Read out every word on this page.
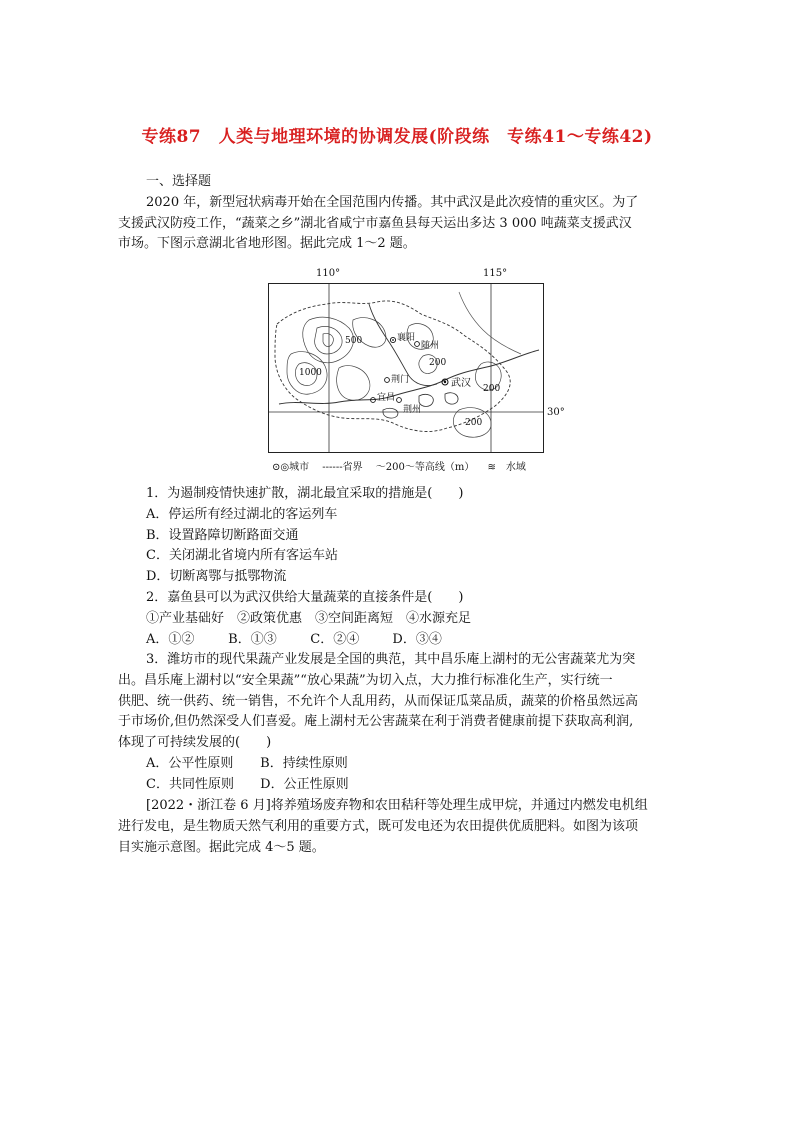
专练87　人类与地理环境的协调发展(阶段练　专练41～专练42)
一、选择题
2020 年，新型冠状病毒开始在全国范围内传播。其中武汉是此次疫情的重灾区。为了
支援武汉防疫工作，“蔬菜之乡”湖北省咸宁市嘉鱼县每天运出多达 3 000 吨蔬菜支援武汉
市场。下图示意湖北省地形图。据此完成 1～2 题。
110°	115°
襄阳
随州
荆门
宜昌
荆州
武汉
200
200
200
1000
500
30°
⊙◎城市 ------省界 ～200～等高线（m） ≋ 水域
1．为遏制疫情快速扩散，湖北最宜采取的措施是(　　)
A．停运所有经过湖北的客运列车
B．设置路障切断路面交通
C．关闭湖北省境内所有客运车站
D．切断离鄂与抵鄂物流
2．嘉鱼县可以为武汉供给大量蔬菜的直接条件是(　　)
①产业基础好　②政策优惠　③空间距离短　④水源充足
A．①②	B．①③	C．②④	D．③④
3．潍坊市的现代果蔬产业发展是全国的典范，其中昌乐庵上湖村的无公害蔬菜尤为突
出。昌乐庵上湖村以“安全果蔬”“放心果蔬”为切入点，大力推行标准化生产，实行统一
供肥、统一供药、统一销售，不允许个人乱用药，从而保证瓜菜品质，蔬菜的价格虽然远高
于市场价,但仍然深受人们喜爱。庵上湖村无公害蔬菜在利于消费者健康前提下获取高利润,
体现了可持续发展的(　　)
A．公平性原则 B．持续性原则
C．共同性原则 D．公正性原则
[2022・浙江卷 6 月]将养殖场废弃物和农田秸秆等处理生成甲烷，并通过内燃发电机组
进行发电，是生物质天然气利用的重要方式，既可发电还为农田提供优质肥料。如图为该项
目实施示意图。据此完成 4～5 题。
